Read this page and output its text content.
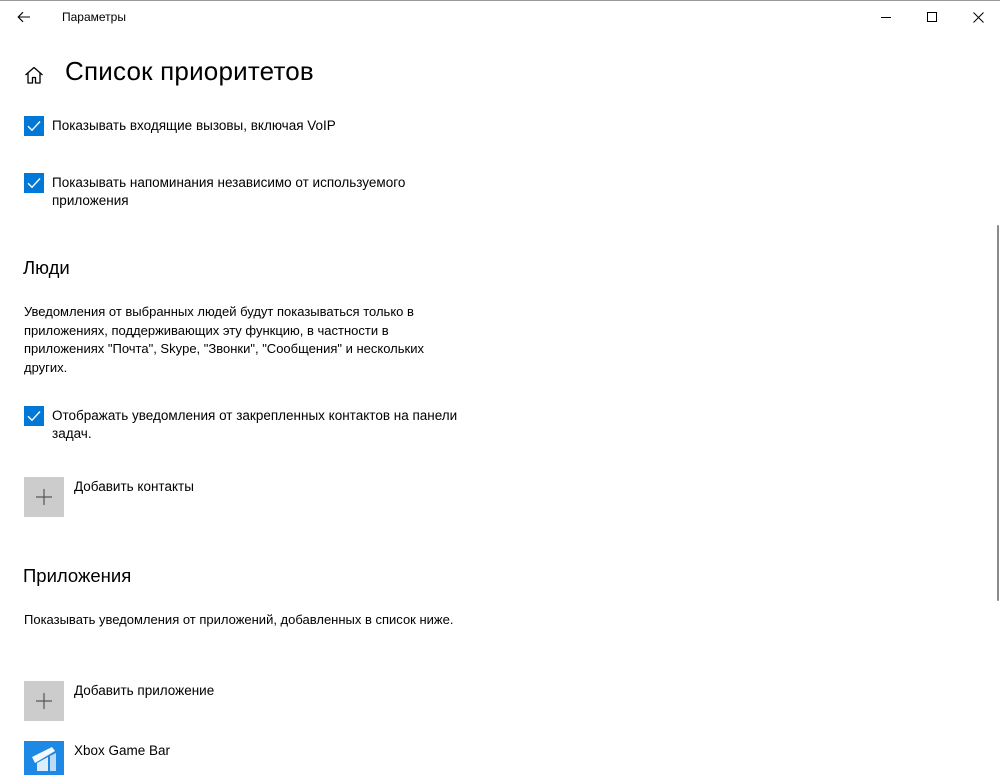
Параметры
Список приоритетов
Показывать входящие вызовы, включая VoIP
Показывать напоминания независимо от используемого приложения
Люди
Уведомления от выбранных людей будут показываться только в приложениях, поддерживающих эту функцию, в частности в приложениях "Почта", Skype, "Звонки", "Сообщения" и нескольких других.
Отображать уведомления от закрепленных контактов на панели задач.
Добавить контакты
Приложения
Показывать уведомления от приложений, добавленных в список ниже.
Добавить приложение
Xbox Game Bar
